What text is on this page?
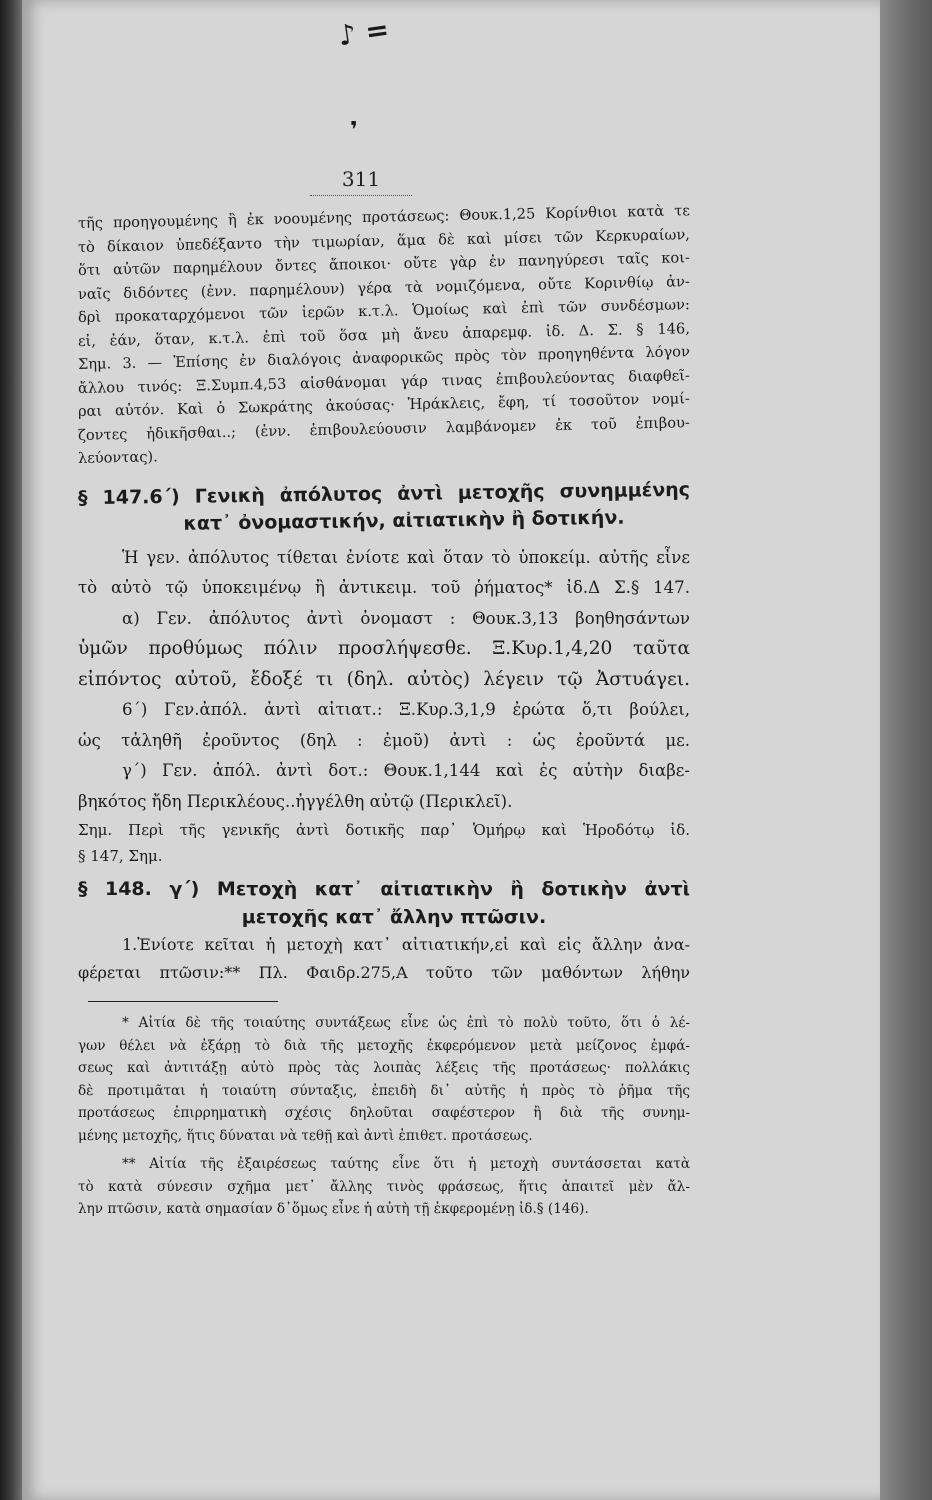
♪ =
❜
311
τῆς προηγουμένης ἢ ἐκ νοουμένης προτάσεως: Θουκ.1,25 Κορίνθιοι κατὰ τε
τὸ δίκαιον ὑπεδέξαντο τὴν τιμωρίαν, ἅμα δὲ καὶ μίσει τῶν Κερκυραίων,
ὅτι αὐτῶν παρημέλουν ὄντες ἄποικοι· οὔτε γὰρ ἐν πανηγύρεσι ταῖς κοι-
ναῖς διδόντες (ἐνν. παρημέλουν) γέρα τὰ νομιζόμενα, οὔτε Κορινθίῳ ἀν-
δρὶ προκαταρχόμενοι τῶν ἱερῶν κ.τ.λ. Ὁμοίως καὶ ἐπὶ τῶν συνδέσμων:
εἰ, ἐάν, ὅταν, κ.τ.λ. ἐπὶ τοῦ ὅσα μὴ ἄνευ ἀπαρεμφ. ἰδ. Δ. Σ. § 146,
Σημ. 3. — Ἐπίσης ἐν διαλόγοις ἀναφορικῶς πρὸς τὸν προηγηθέντα λόγον
ἄλλου τινός: Ξ.Συμπ.4,53 αἰσθάνομαι γάρ τινας ἐπιβουλεύοντας διαφθεῖ-
ραι αὐτόν. Καὶ ὁ Σωκράτης ἀκούσας· Ἡράκλεις, ἔφη, τί τοσοῦτον νομί-
ζοντες ἠδικῆσθαι..; (ἐνν. ἐπιβουλεύουσιν λαμβάνομεν ἐκ τοῦ ἐπιβου-
λεύοντας).
§ 147.6΄) Γενικὴ ἀπόλυτος ἀντὶ μετοχῆς συνημμένης
κατ᾽ ὀνομαστικήν, αἰτιατικὴν ἢ δοτικήν.
Ἡ γεν. ἀπόλυτος τίθεται ἐνίοτε καὶ ὅταν τὸ ὑποκείμ. αὐτῆς εἶνε
τὸ αὐτὸ τῷ ὑποκειμένῳ ἢ ἀντικειμ. τοῦ ῥήματος* ἰδ.Δ Σ.§ 147.
α) Γεν. ἀπόλυτος ἀντὶ ὀνομαστ : Θουκ.3,13 βοηθησάντων
ὑμῶν προθύμως πόλιν προσλήψεσθε. Ξ.Κυρ.1,4,20 ταῦτα
εἰπόντος αὐτοῦ, ἔδοξέ τι (δηλ. αὐτὸς) λέγειν τῷ Ἀστυάγει.
6΄) Γεν.ἀπόλ. ἀντὶ αἰτιατ.: Ξ.Κυρ.3,1,9 ἐρώτα ὅ,τι βούλει,
ὡς τἀληθῆ ἐροῦντος (δηλ : ἐμοῦ) ἀντὶ : ὡς ἐροῦντά με.
γ΄) Γεν. ἀπόλ. ἀντὶ δοτ.: Θουκ.1,144 καὶ ἐς αὐτὴν διαβε-
βηκότος ἤδη Περικλέους..ἠγγέλθη αὐτῷ (Περικλεῖ).
Σημ. Περὶ τῆς γενικῆς ἀντὶ δοτικῆς παρ᾽ Ὁμήρῳ καὶ Ἡροδότῳ ἰδ.
§ 147, Σημ.
§ 148. γ΄) Μετοχὴ κατ᾽ αἰτιατικὴν ἢ δοτικὴν ἀντὶ
μετοχῆς κατ᾽ ἄλλην πτῶσιν.
1.Ἐνίοτε κεῖται ἡ μετοχὴ κατ᾽ αἰτιατικήν,εἰ καὶ εἰς ἄλλην ἀνα-
φέρεται πτῶσιν:** Πλ. Φαιδρ.275,Α τοῦτο τῶν μαθόντων λήθην
* Αἰτία δὲ τῆς τοιαύτης συντάξεως εἶνε ὡς ἐπὶ τὸ πολὺ τοῦτο, ὅτι ὁ λέ-
γων θέλει νὰ ἐξάρῃ τὸ διὰ τῆς μετοχῆς ἐκφερόμενον μετὰ μείζονος ἐμφά-
σεως καὶ ἀντιτάξῃ αὐτὸ πρὸς τὰς λοιπὰς λέξεις τῆς προτάσεως· πολλάκις
δὲ προτιμᾶται ἡ τοιαύτη σύνταξις, ἐπειδὴ δι᾽ αὐτῆς ἡ πρὸς τὸ ῥῆμα τῆς
προτάσεως ἐπιρρηματικὴ σχέσις δηλοῦται σαφέστερον ἢ διὰ τῆς συνημ-
μένης μετοχῆς, ἥτις δύναται νὰ τεθῇ καὶ ἀντὶ ἐπιθετ. προτάσεως.
** Αἰτία τῆς ἐξαιρέσεως ταύτης εἶνε ὅτι ἡ μετοχὴ συντάσσεται κατὰ
τὸ κατὰ σύνεσιν σχῆμα μετ᾽ ἄλλης τινὸς φράσεως, ἥτις ἀπαιτεῖ μὲν ἄλ-
λην πτῶσιν, κατὰ σημασίαν δ᾽ὅμως εἶνε ἡ αὐτὴ τῇ ἐκφερομένῃ ἰδ.§ (146).
